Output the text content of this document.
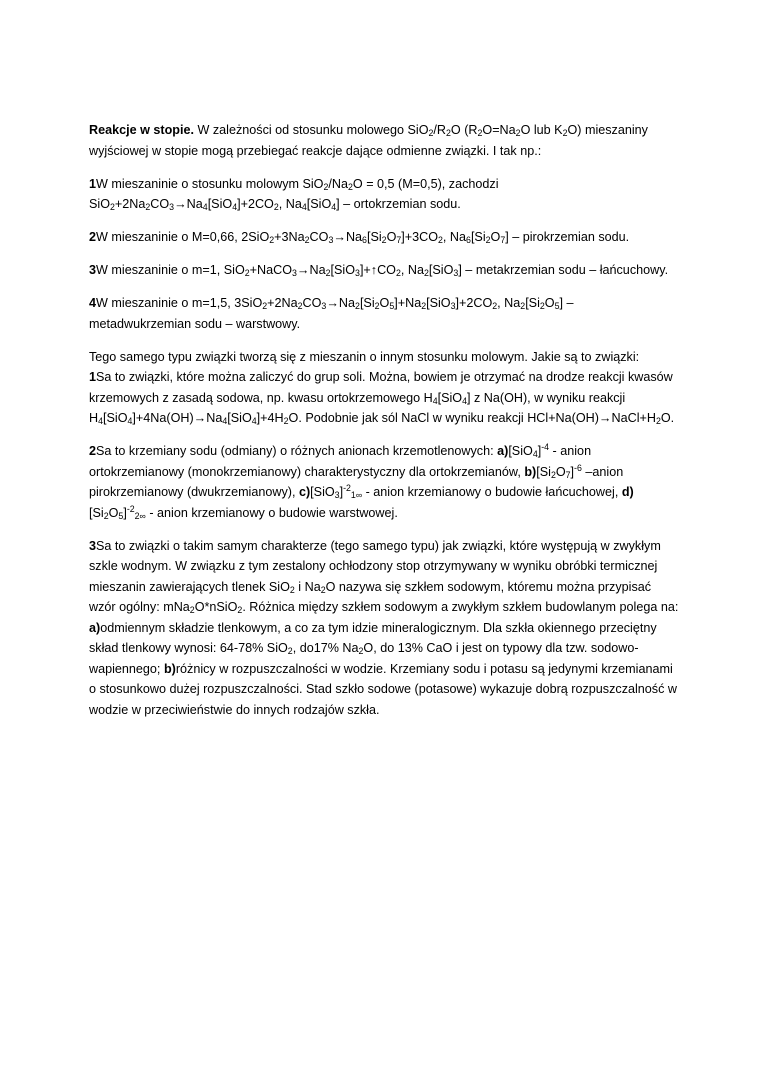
Reakcje w stopie. W zależności od stosunku molowego $SiO_2/R_2O$ ($R_2O=Na_2O$ lub $K_2O$) mieszaniny wyjściowej w stopie mogą przebiegać reakcje dające odmienne związki. I tak np.:

1W mieszaninie o stosunku molowym $SiO_2/Na_2O = 0,5$ (M=0,5), zachodzi
$SiO_2+2Na_2CO_3\to Na_4[SiO_4]+2CO_2$, $Na_4[SiO_4]$ – ortokrzemian sodu.

2W mieszaninie o M=0,66, $2SiO_2+3Na_2CO_3\to Na_6[Si_2O_7]+3CO_2$, $Na_6[Si_2O_7]$ – pirokrzemian sodu.

3W mieszaninie o m=1, $SiO_2+NaCO_3\to Na_2[SiO_3]+↑CO_2$, $Na_2[SiO_3]$ – metakrzemian sodu – łańcuchowy.

4W mieszaninie o m=1,5, $3SiO_2+2Na_2CO_3\to Na_2[Si_2O_5]+Na_2[SiO_3]+2CO_2$, $Na_2[Si_2O_5]$ – metadwukrzemian sodu – warstwowy.

Tego samego typu związki tworzą się z mieszanin o innym stosunku molowym. Jakie są to związki:
1Sa to związki, które można zaliczyć do grup soli. Można, bowiem je otrzymać na drodze reakcji kwasów krzemowych z zasadą sodowa, np. kwasu ortokrzemowego $H_4[SiO_4]$ z Na(OH), w wyniku reakcji $H_4[SiO_4]+4Na(OH)\to Na_4[SiO_4]+4H_2O$. Podobnie jak sól NaCl w wyniku reakcji $HCl+Na(OH)\to NaCl+H_2O$.

2Sa to krzemiany sodu (odmiany) o różnych anionach krzemotlenowych: $a)[SiO_4]^{-4}$ - anion ortokrzemianowy (monokrzemianowy) charakterystyczny dla ortokrzemianów, $b)[Si_2O_7]^{-6}$ –anion pirokrzemianowy (dwukrzemianowy), $c)[SiO_3]^{-2}_{1\infty}$ - anion krzemianowy o budowie łańcuchowej, $d)[Si_2O_5]^{-2}_{2\infty}$ - anion krzemianowy o budowie warstwowej.

3Sa to związki o takim samym charakterze (tego samego typu) jak związki, które występują w zwykłym szkle wodnym. W związku z tym zestalony ochłodzony stop otrzymywany w wyniku obróbki termicznej mieszanin zawierających tlenek SiO$_2$ i $Na_2O$ nazywa się szkłem sodowym, któremu można przypisać wzór ogólny: mNa$_2$O*nSiO$_2$. Różnica między szkłem sodowym a zwykłym szkłem budowlanym polega na: a)odmiennym składzie tlenkowym, a co za tym idzie mineralogicznym. Dla szkła okiennego przeciętny skład tlenkowy wynosi: 64-78% SiO$_2$, do17% $Na_2O$, do 13% CaO i jest on typowy dla tzw. sodowo-wapiennego; b)różnicy w rozpuszczalności w wodzie. Krzemiany sodu i potasu są jedynymi krzemianami o stosunkowo dużej rozpuszczalności. Stad szkło sodowe (potasowe) wykazuje dobrą rozpuszczalność w wodzie w przeciwieństwie do innych rodzajów szkła.
